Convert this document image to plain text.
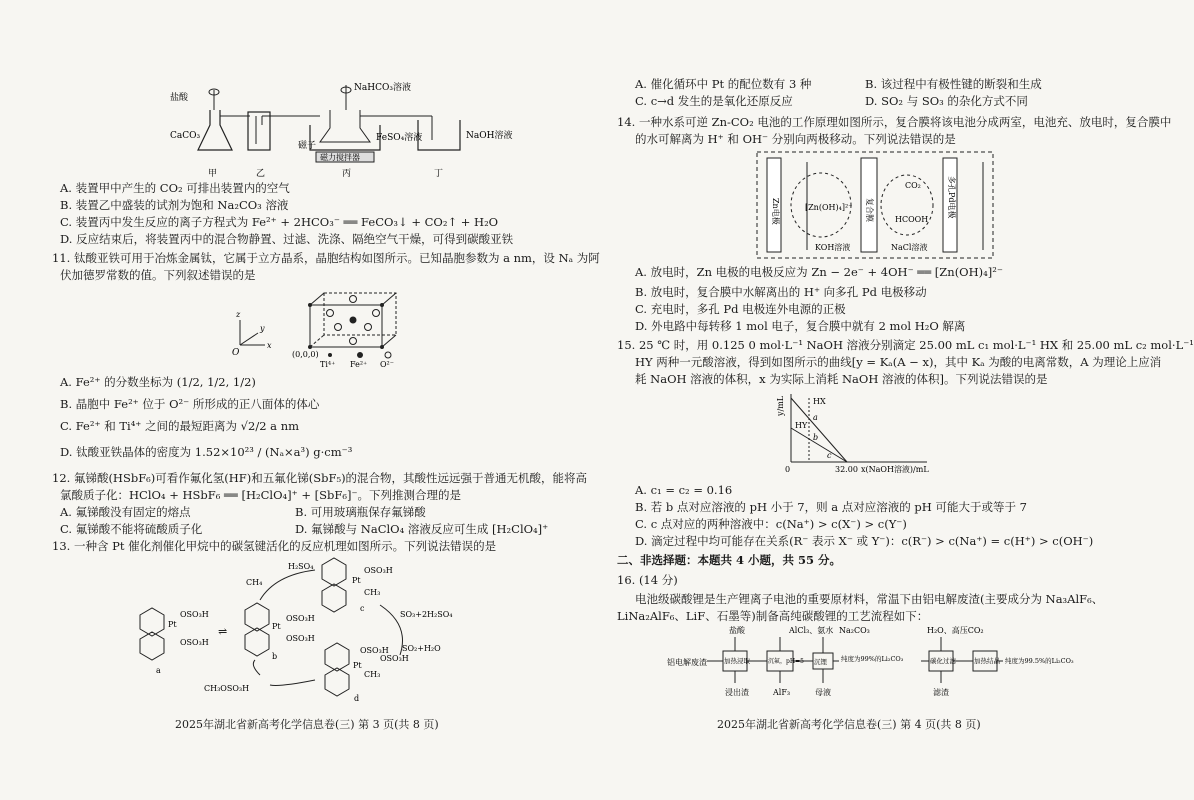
盐酸
CaCO₃
NaHCO₃溶液
FeSO₄溶液	NaOH溶液
磁子
磁力搅拌器
甲	乙	丙	丁
A. 装置甲中产生的 CO₂ 可排出装置内的空气
B. 装置乙中盛装的试剂为饱和 Na₂CO₃ 溶液
C. 装置丙中发生反应的离子方程式为 Fe²⁺ + 2HCO₃⁻ ══ FeCO₃↓ + CO₂↑ + H₂O
D. 反应结束后，将装置丙中的混合物静置、过滤、洗涤、隔绝空气干燥，可得到碳酸亚铁
11. 钛酸亚铁可用于冶炼金属钛，它属于立方晶系，晶胞结构如图所示。已知晶胞参数为 a nm，设 Nₐ 为阿
伏加德罗常数的值。下列叙述错误的是
z
y
x
O	(0,0,0)
Ti⁴⁺ Fe²⁺ O²⁻
A. Fe²⁺ 的分数坐标为 (1/2, 1/2, 1/2)
B. 晶胞中 Fe²⁺ 位于 O²⁻ 所形成的正八面体的体心
C. Fe²⁺ 和 Ti⁴⁺ 之间的最短距离为 √2/2 a nm
D. 钛酸亚铁晶体的密度为 1.52×10²³ / (Nₐ×a³) g·cm⁻³
12. 氟锑酸(HSbF₆)可看作氟化氢(HF)和五氟化锑(SbF₅)的混合物，其酸性远远强于普通无机酸，能将高
氯酸质子化：HClO₄ + HSbF₆ ══ [H₂ClO₄]⁺ + [SbF₆]⁻。下列推测合理的是
A. 氟锑酸没有固定的熔点	B. 可用玻璃瓶保存氟锑酸
C. 氟锑酸不能将硫酸质子化	D. 氟锑酸与 NaClO₄ 溶液反应可生成 [H₂ClO₄]⁺
13. 一种含 Pt 催化剂催化甲烷中的碳氢键活化的反应机理如图所示。下列说法错误的是
Pt
OSO₃H
OSO₃H
a
⇌	Pt
OSO₃H
OSO₃H
b
Pt
OSO₃H
CH₃
c
Pt
OSO₃H
OSO₃H
CH₃
d
H₂SO₄
CH₄
SO₃+2H₂SO₄
SO₂+H₂O
CH₃OSO₃H
2025年湖北省新高考化学信息卷(三) 第 3 页(共 8 页)
A. 催化循环中 Pt 的配位数有 3 种	B. 该过程中有极性键的断裂和生成
C. c→d 发生的是氧化还原反应	D. SO₂ 与 SO₃ 的杂化方式不同
14. 一种水系可逆 Zn-CO₂ 电池的工作原理如图所示，复合膜将该电池分成两室，电池充、放电时，复合膜中
的水可解离为 H⁺ 和 OH⁻ 分别向两极移动。下列说法错误的是
Zn电极	[Zn(OH)₄]²⁻ 复合膜
CO₂
HCOOH
多孔Pd电极
KOH溶液	NaCl溶液
A. 放电时，Zn 电极的电极反应为 Zn − 2e⁻ + 4OH⁻ ══ [Zn(OH)₄]²⁻
B. 放电时，复合膜中水解离出的 H⁺ 向多孔 Pd 电极移动
C. 充电时，多孔 Pd 电极连外电源的正极
D. 外电路中每转移 1 mol 电子，复合膜中就有 2 mol H₂O 解离
15. 25 ℃ 时，用 0.125 0 mol·L⁻¹ NaOH 溶液分别滴定 25.00 mL c₁ mol·L⁻¹ HX 和 25.00 mL c₂ mol·L⁻¹
HY 两种一元酸溶液，得到如图所示的曲线[y = Kₐ(A − x)，其中 Kₐ 为酸的电离常数，A 为理论上应消
耗 NaOH 溶液的体积，x 为实际上消耗 NaOH 溶液的体积]。下列说法错误的是
y/mL	HX
HY
a
b
c
0	32.00 x(NaOH溶液)/mL
A. c₁ = c₂ = 0.16
B. 若 b 点对应溶液的 pH 小于 7，则 a 点对应溶液的 pH 可能大于或等于 7
C. c 点对应的两种溶液中：c(Na⁺) > c(X⁻) > c(Y⁻)
D. 滴定过程中均可能存在关系(R⁻ 表示 X⁻ 或 Y⁻)：c(R⁻) > c(Na⁺) = c(H⁺) > c(OH⁻)
二、非选择题：本题共 4 小题，共 55 分。
16. (14 分)
电池级碳酸锂是生产锂离子电池的重要原材料，常温下由铝电解废渣(主要成分为 Na₃AlF₆、
LiNa₂AlF₆、LiF、石墨等)制备高纯碳酸锂的工艺流程如下：
盐酸	AlCl₃、氨水 Na₂CO₃	H₂O、高压CO₂
铝电解废渣	加热浸取	沉氟，pH=5 沉锂 纯度为99%的Li₂CO₃	碳化过滤	加热结晶 纯度为99.5%的Li₂CO₃
浸出渣	AlF₃	母液	滤渣
2025年湖北省新高考化学信息卷(三) 第 4 页(共 8 页)
